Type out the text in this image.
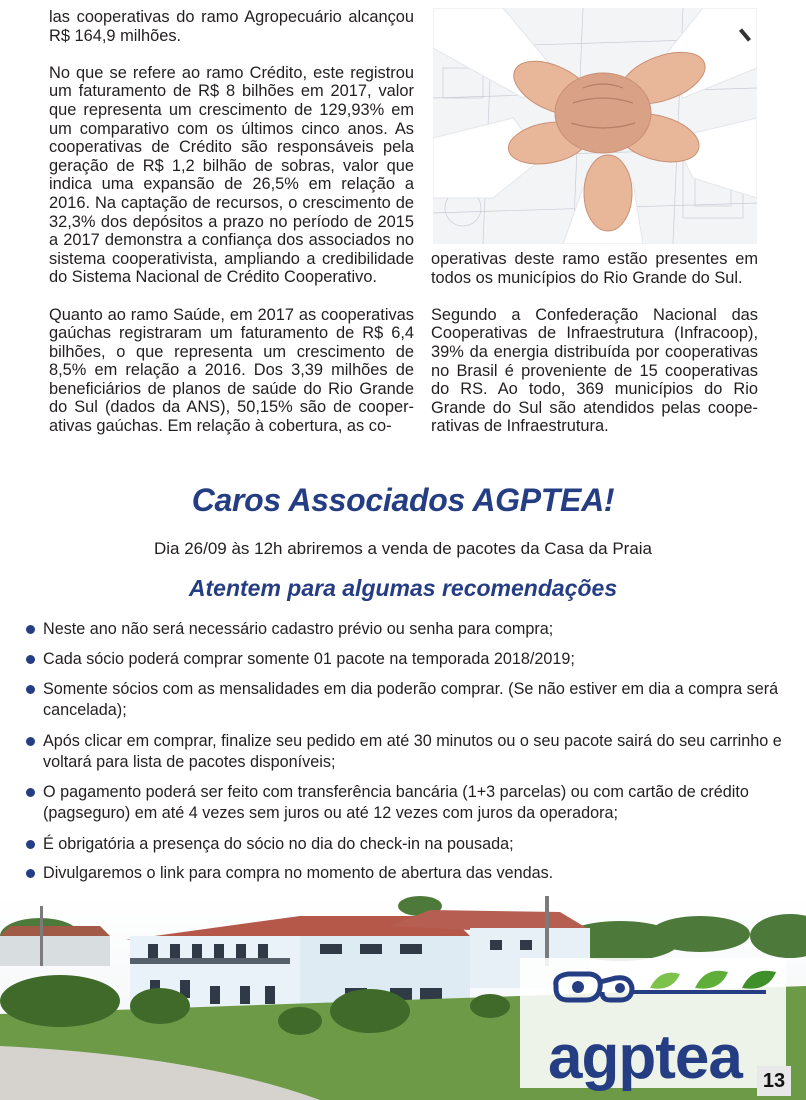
las cooperativas do ramo Agropecuário alcançou R$ 164,9 milhões.

No que se refere ao ramo Crédito, este registrou um faturamento de R$ 8 bilhões em 2017, valor que representa um crescimento de 129,93% em um comparativo com os últimos cinco anos. As cooperativas de Crédito são responsáveis pela geração de R$ 1,2 bilhão de sobras, valor que indica uma expansão de 26,5% em relação a 2016. Na captação de recursos, o crescimento de 32,3% dos depósitos a prazo no período de 2015 a 2017 demonstra a confiança dos associados no sistema cooperativista, ampliando a credibilidade do Sistema Nacional de Crédito Cooperativo.

Quanto ao ramo Saúde, em 2017 as cooperativas gaúchas registraram um faturamento de R$ 6,4 bilhões, o que representa um crescimento de 8,5% em relação a 2016. Dos 3,39 milhões de beneficiários de planos de saúde do Rio Grande do Sul (dados da ANS), 50,15% são de cooperativas gaúchas. Em relação à cobertura, as co-

operativas deste ramo estão presentes em todos os municípios do Rio Grande do Sul.

Segundo a Confederação Nacional das Cooperativas de Infraestrutura (Infracoop), 39% da energia distribuída por cooperativas no Brasil é proveniente de 15 cooperativas do RS. Ao todo, 369 municípios do Rio Grande do Sul são atendidos pelas cooperativas de Infraestrutura.

Caros Associados AGPTEA!
Dia 26/09 às 12h abriremos a venda de pacotes da Casa da Praia
Atentem para algumas recomendações
Neste ano não será necessário cadastro prévio ou senha para compra;
Cada sócio poderá comprar somente 01 pacote na temporada 2018/2019;
Somente sócios com as mensalidades em dia poderão comprar. (Se não estiver em dia a compra será cancelada);
Após clicar em comprar, finalize seu pedido em até 30 minutos ou o seu pacote sairá do seu carrinho e voltará para lista de pacotes disponíveis;
O pagamento poderá ser feito com transferência bancária (1+3 parcelas) ou com cartão de crédito (pagseguro) em até 4 vezes sem juros ou até 12 vezes com juros da operadora;
É obrigatória a presença do sócio no dia do check-in na pousada;
Divulgaremos o link para compra no momento de abertura das vendas.
agptea 13
